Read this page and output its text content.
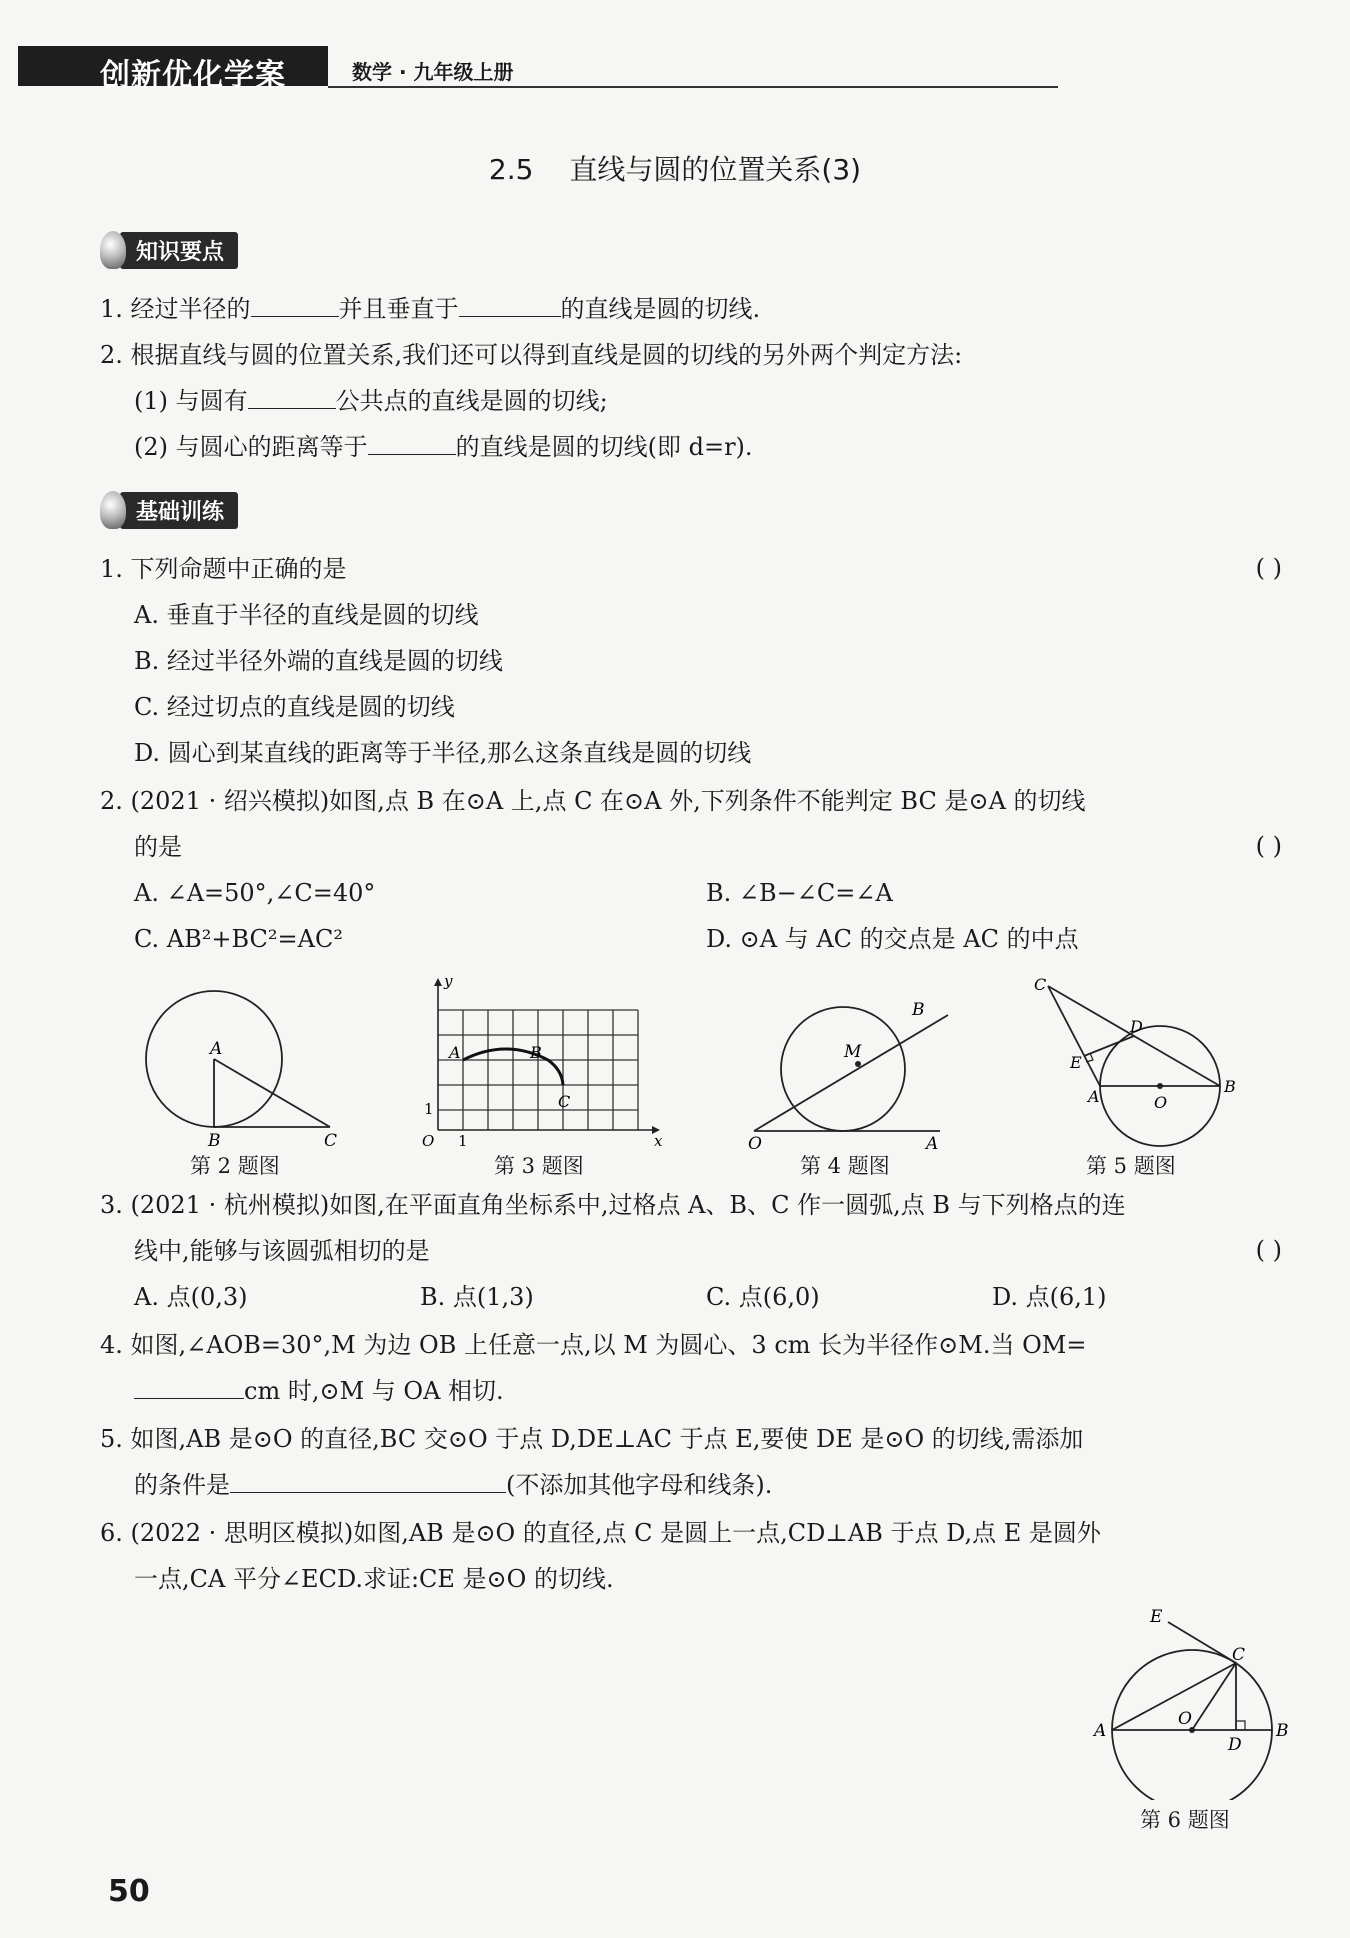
创新优化学案	数学 · 九年级上册
2.5 直线与圆的位置关系(3)
知识要点
1. 经过半径的	并且垂直于	的直线是圆的切线.
2. 根据直线与圆的位置关系,我们还可以得到直线是圆的切线的另外两个判定方法:
(1) 与圆有	公共点的直线是圆的切线;
(2) 与圆心的距离等于	的直线是圆的切线(即 d=r).
基础训练
1. 下列命题中正确的是	( )
A. 垂直于半径的直线是圆的切线
B. 经过半径外端的直线是圆的切线
C. 经过切点的直线是圆的切线
D. 圆心到某直线的距离等于半径,那么这条直线是圆的切线
2. (2021 · 绍兴模拟)如图,点 B 在⊙A 上,点 C 在⊙A 外,下列条件不能判定 BC 是⊙A 的切线
的是	( )
A. ∠A=50°,∠C=40°	B. ∠B−∠C=∠A
C. AB²+BC²=AC²	D. ⊙A 与 AC 的交点是 AC 的中点
A
B	C
第 2 题图
y
x
O 1
1
A	B
C
第 3 题图
O	A
B
M
第 4 题图
C
D
E
A	O
B
第 5 题图
3. (2021 · 杭州模拟)如图,在平面直角坐标系中,过格点 A、B、C 作一圆弧,点 B 与下列格点的连
线中,能够与该圆弧相切的是	( )
A. 点(0,3)	B. 点(1,3)	C. 点(6,0)	D. 点(6,1)
4. 如图,∠AOB=30°,M 为边 OB 上任意一点,以 M 为圆心、3 cm 长为半径作⊙M.当 OM=
cm 时,⊙M 与 OA 相切.
5. 如图,AB 是⊙O 的直径,BC 交⊙O 于点 D,DE⊥AC 于点 E,要使 DE 是⊙O 的切线,需添加
的条件是	(不添加其他字母和线条).
6. (2022 · 思明区模拟)如图,AB 是⊙O 的直径,点 C 是圆上一点,CD⊥AB 于点 D,点 E 是圆外
一点,CA 平分∠ECD.求证:CE 是⊙O 的切线.
E
C
A
O
D
B
第 6 题图
50
